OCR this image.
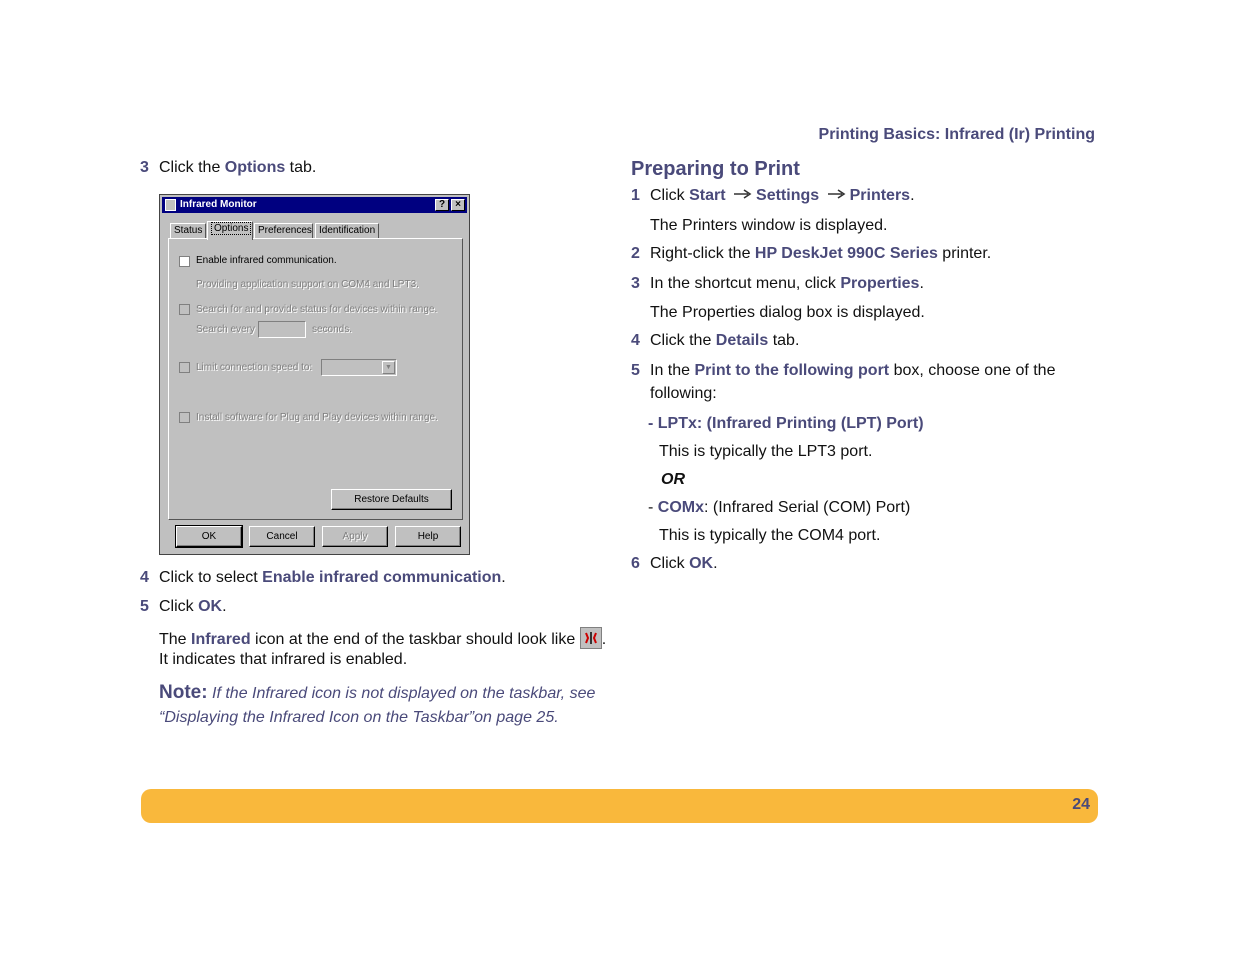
Printing Basics: Infrared (Ir) Printing
3 Click the Options tab.
Infrared Monitor	?	×
Status	Options Preferences Identification
Enable infrared communication.
Providing application support on COM4 and LPT3.
Search for and provide status for devices within range.
Search every	seconds.
Limit connection speed to:	▼
Install software for Plug and Play devices within range.
Restore Defaults
OK	Cancel	Apply	Help
4 Click to select Enable infrared communication.
5 Click OK.
The Infrared icon at the end of the taskbar should look like .
It indicates that infrared is enabled.
Note: If the Infrared icon is not displayed on the taskbar, see
“Displaying the Infrared Icon on the Taskbar”on page 25.
Preparing to Print
1 Click Start Settings Printers.
The Printers window is displayed.
2 Right-click the HP DeskJet 990C Series printer.
3 In the shortcut menu, click Properties.
The Properties dialog box is displayed.
4 Click the Details tab.
5 In the Print to the following port box, choose one of the
following:
- LPTx: (Infrared Printing (LPT) Port)
This is typically the LPT3 port.
OR
- COMx: (Infrared Serial (COM) Port)
This is typically the COM4 port.
6 Click OK.
24
